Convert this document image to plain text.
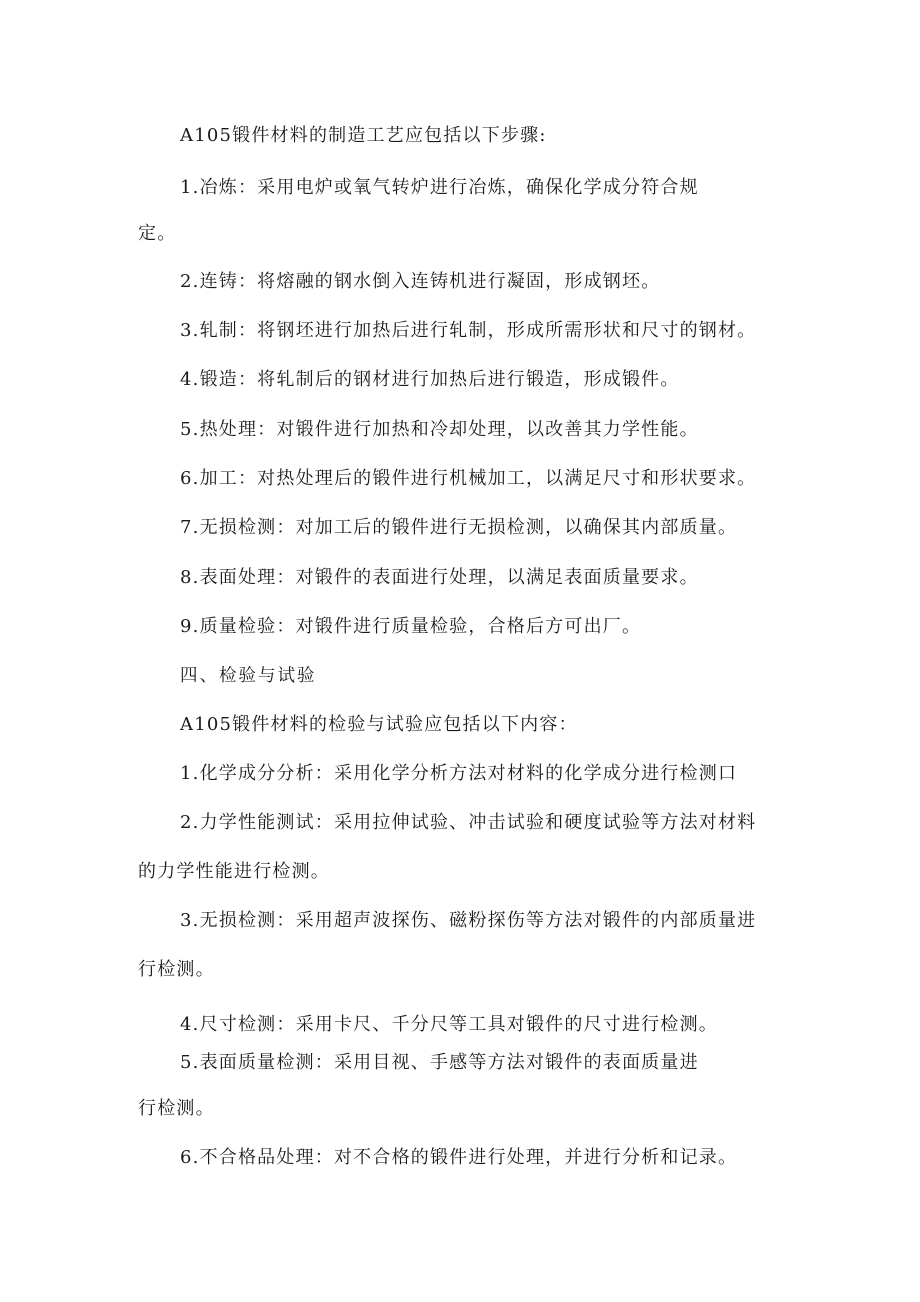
A105锻件材料的制造工艺应包括以下步骤:

1.冶炼：采用电炉或氧气转炉进行冶炼，确保化学成分符合规

定。

2.连铸：将熔融的钢水倒入连铸机进行凝固，形成钢坯。

3.轧制：将钢坯进行加热后进行轧制，形成所需形状和尺寸的钢材。

4.锻造：将轧制后的钢材进行加热后进行锻造，形成锻件。

5.热处理：对锻件进行加热和冷却处理，以改善其力学性能。

6.加工：对热处理后的锻件进行机械加工，以满足尺寸和形状要求。

7.无损检测：对加工后的锻件进行无损检测，以确保其内部质量。

8.表面处理：对锻件的表面进行处理，以满足表面质量要求。

9.质量检验：对锻件进行质量检验，合格后方可出厂。

四、检验与试验

A105锻件材料的检验与试验应包括以下内容：

1.化学成分分析：采用化学分析方法对材料的化学成分进行检测口

2.力学性能测试：采用拉伸试验、冲击试验和硬度试验等方法对材料

的力学性能进行检测。

3.无损检测：采用超声波探伤、磁粉探伤等方法对锻件的内部质量进

行检测。

4.尺寸检测：采用卡尺、千分尺等工具对锻件的尺寸进行检测。

5.表面质量检测：采用目视、手感等方法对锻件的表面质量进

行检测。

6.不合格品处理：对不合格的锻件进行处理，并进行分析和记录。
